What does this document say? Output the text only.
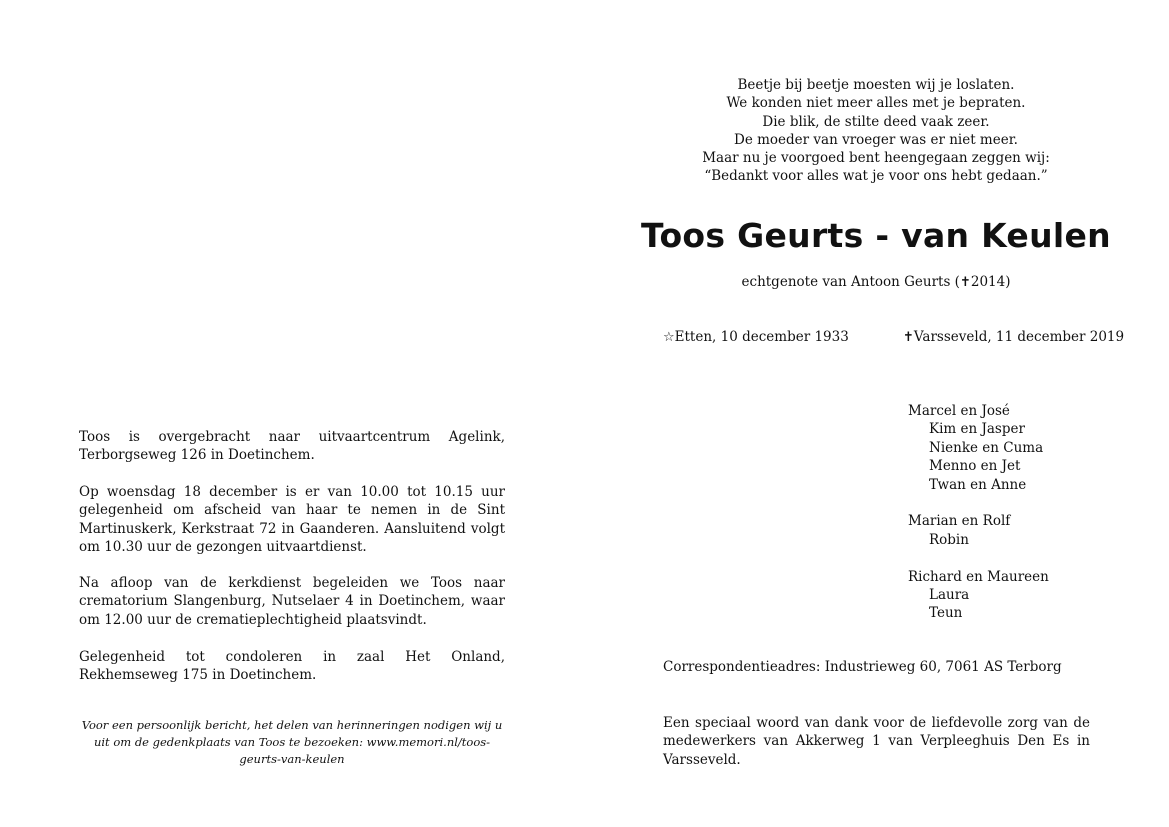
Toos is overgebracht naar uitvaartcentrum Agelink, Terborgseweg 126 in Doetinchem.
Op woensdag 18 december is er van 10.00 tot 10.15 uur gelegenheid om afscheid van haar te nemen in de Sint Martinuskerk, Kerkstraat 72 in Gaanderen. Aansluitend volgt om 10.30 uur de gezongen uitvaartdienst.
Na afloop van de kerkdienst begeleiden we Toos naar crematorium Slangenburg, Nutselaer 4 in Doetinchem, waar om 12.00 uur de crematieplechtigheid plaatsvindt.
Gelegenheid tot condoleren in zaal Het Onland, Rekhemseweg 175 in Doetinchem.
Voor een persoonlijk bericht, het delen van herinneringen nodigen wij u uit om de gedenkplaats van Toos te bezoeken: www.memori.nl/toos-geurts-van-keulen
Beetje bij beetje moesten wij je loslaten.
We konden niet meer alles met je bepraten.
Die blik, de stilte deed vaak zeer.
De moeder van vroeger was er niet meer.
Maar nu je voorgoed bent heengegaan zeggen wij:
“Bedankt voor alles wat je voor ons hebt gedaan.”
Toos Geurts - van Keulen
echtgenote van Antoon Geurts (✝2014)
☆Etten, 10 december 1933	✝Varsseveld, 11 december 2019
Marcel en José
Kim en Jasper
Nienke en Cuma
Menno en Jet
Twan en Anne
Marian en Rolf
Robin
Richard en Maureen
Laura
Teun
Correspondentieadres: Industrieweg 60, 7061 AS Terborg
Een speciaal woord van dank voor de liefdevolle zorg van de medewerkers van Akkerweg 1 van Verpleeghuis Den Es in Varsseveld.
